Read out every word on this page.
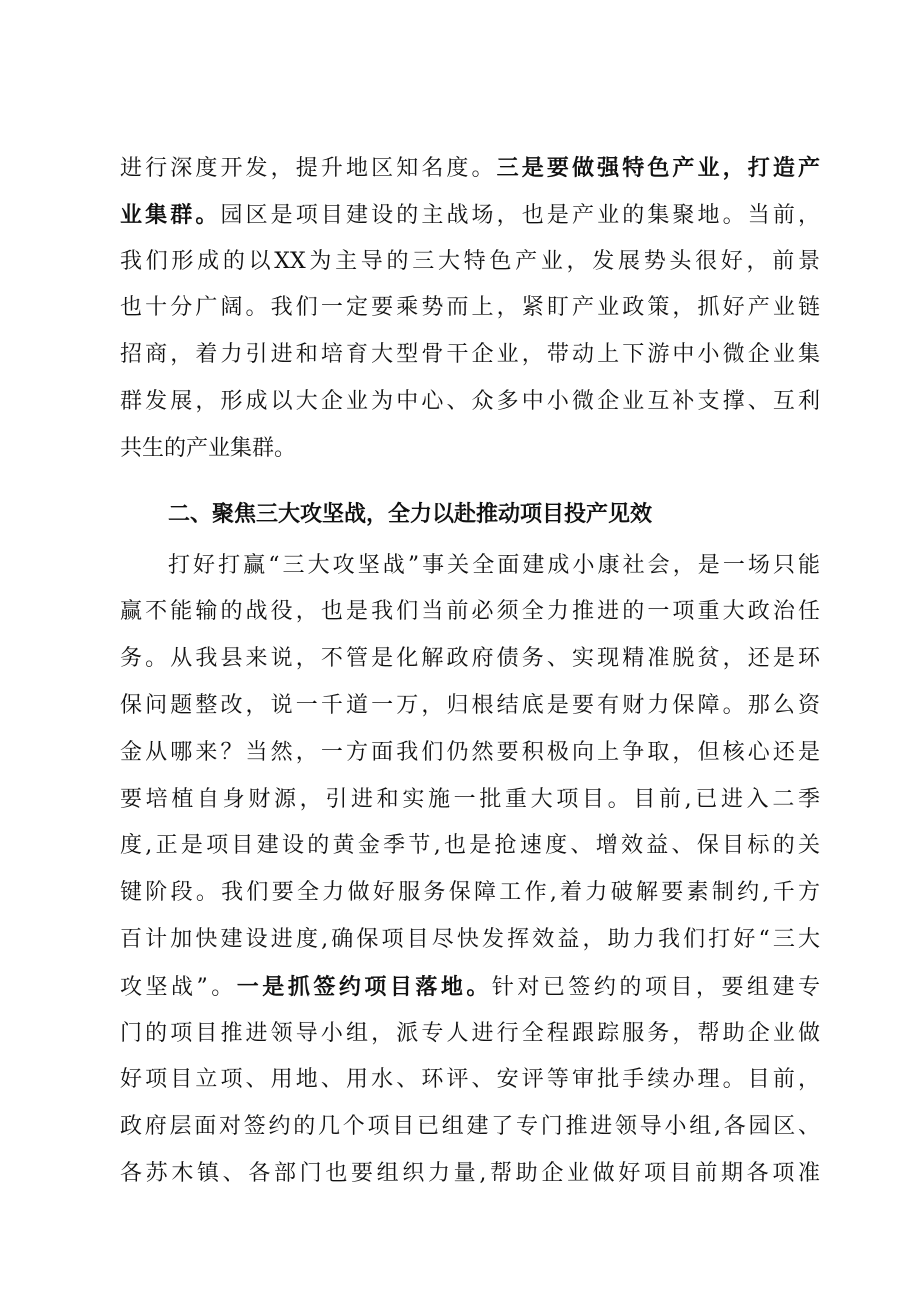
进行深度开发，提升地区知名度。三是要做强特色产业，打造产
业集群。园区是项目建设的主战场，也是产业的集聚地。当前，
我们形成的以XX为主导的三大特色产业，发展势头很好，前景
也十分广阔。我们一定要乘势而上，紧盯产业政策，抓好产业链
招商，着力引进和培育大型骨干企业，带动上下游中小微企业集
群发展，形成以大企业为中心、众多中小微企业互补支撑、互利
共生的产业集群。
二、聚焦三大攻坚战，全力以赴推动项目投产见效
打好打赢“三大攻坚战”事关全面建成小康社会，是一场只能
赢不能输的战役，也是我们当前必须全力推进的一项重大政治任
务。从我县来说，不管是化解政府债务、实现精准脱贫，还是环
保问题整改，说一千道一万，归根结底是要有财力保障。那么资
金从哪来？当然，一方面我们仍然要积极向上争取，但核心还是
要培植自身财源，引进和实施一批重大项目。目前,已进入二季
度,正是项目建设的黄金季节,也是抢速度、增效益、保目标的关
键阶段。我们要全力做好服务保障工作,着力破解要素制约,千方
百计加快建设进度,确保项目尽快发挥效益，助力我们打好“三大
攻坚战”。一是抓签约项目落地。针对已签约的项目，要组建专
门的项目推进领导小组，派专人进行全程跟踪服务，帮助企业做
好项目立项、用地、用水、环评、安评等审批手续办理。目前，
政府层面对签约的几个项目已组建了专门推进领导小组,各园区、
各苏木镇、各部门也要组织力量,帮助企业做好项目前期各项准
